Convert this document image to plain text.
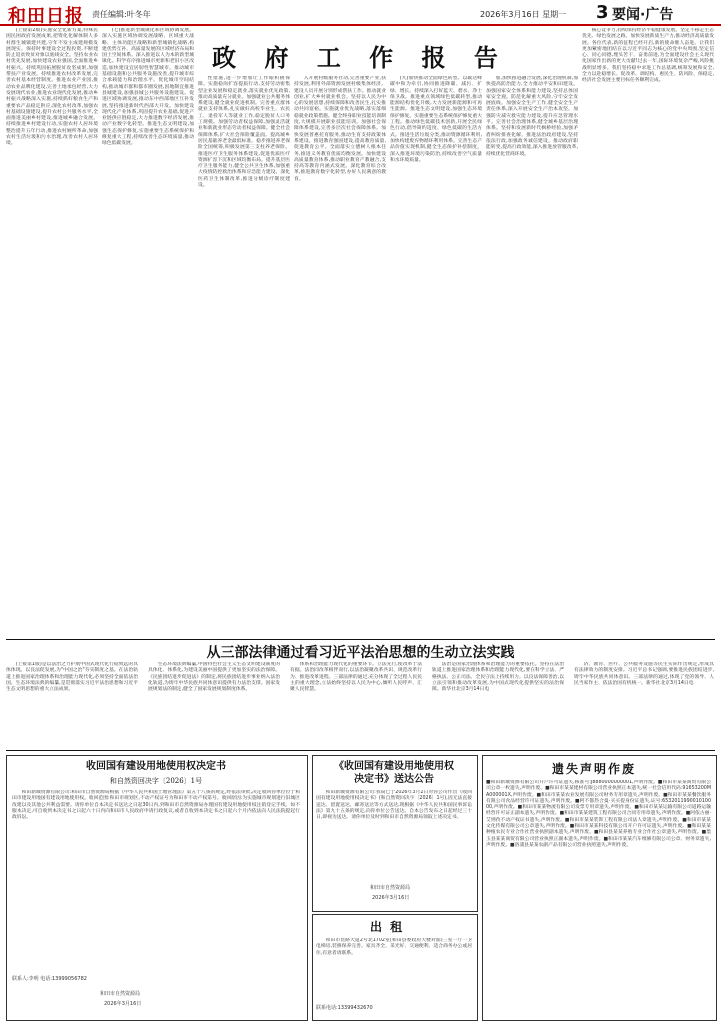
和田日报 责任编辑:叶冬年	2026年3月16日 星期一 3 要闻·广告
政 府 工 作 报 告

(上接第2版)实施安全化新方案,特殊民困民困政府发展成果,把资化化解体制人多村群生城镇建共建,守年不发主成建规模发展现实。保持时事建设全过程投资,不断建防止返贫致贫对象以底线安全。坚持农业农村优先发展,加快建设农业强国,全面推进乡村振兴。持续巩固拓展脱贫攻坚成果,加强帮扶产业发展。持续推进农村改革发展,完善农村基本经营制度。推进农业产业园,推动农业品牌化建设,完善土地承包经营,大力发展现代农业,推进农业现代化发展,推动乡村振兴战略深入实施,持续抓好粮食生产和重要农产品稳定供应,深化农村改革,加强农村基础设施建设,提升农村公共服务水平,全面推进美丽乡村建设,推进城乡融合发展。持续推进乡村建设行动,实施农村人居环境整治提升五年行动,推进农村厕所革命,加强农村生活垃圾和污水治理,改善农村人居环境。

(七)推进新型城镇化和区域协调发展。深入实施区域协调发展战略、区域重大战略、主体功能区战略和新型城镇化战略,构建优势互补、高质量发展的区域经济布局和国土空间体系。深入推进以人为本的新型城镇化。科学有序推进城市更新和老旧小区改造,加快建设宜居韧性智慧城市。推动城市基础设施和公共服务设施改善,提升城市综合承载能力和治理水平。优化城市空间结构,推动城市群和都市圈发展,因地制宜推进县城建设,加强县城公共服务设施建设。促进区域协调发展,推动东中西部地区互补发展,坚持推进新时代西部大开发。加快建设现代化产业体系,巩固提升农业基础,促进产业链供应链稳定,大力推进数字经济发展,推动产业数字化转型。推进生态文明建设,加强生态保护修复,实施重要生态系统保护和修复重大工程,持续改善生态环境质量,推动绿色低碳发展。

性措施,进一步增加让工作眼积极保障。实施稳岗扩容提质行动,支持劳动密集型企业发展和稳定就业,落实就业优先政策,推动高质量充分就业。加强就业公共服务体系建设,健全就业促进机制。完善重点群体就业支持体系,扎实做好高校毕业生、农民工、退役军人等就业工作,稳定脱贫人口务工规模。加强劳动者权益保障,加强灵活就业和新就业形态劳动者权益保障。健全社会保障体系,扩大社会保险覆盖面。提高城乡居民基础养老金最低标准。稳步推进养老保险全国统筹,积极发展第三支柱养老保险。推进医疗卫生服务体系建设,促进优质医疗资源扩容下沉和区域均衡布局。提升基层医疗卫生服务能力,健全公共卫生体系,加强重大疫情防控救治体系和应急能力建设。深化医药卫生体制改革,推进分级诊疗制度建设。

入开展村级服务社动,完善重要产业,扶持发展,利用外部资源发展村级集体经济。建设人员开展分别形成帮扶工作。推动就业创业,扩大乡村就业机会。坚持以人民为中心的发展思想,持续保障和改善民生,扎实推动共同富裕。实施就业优先战略,落实落细稳就业政策措施。健全终身职业技能培训制度,大规模开展职业技能培训。加强社会保障体系建设,完善多层次社会保障体系。加快发展普惠托育服务,推动生育支持政策体系建设。推进教育强国建设,提高教育质量,促进教育公平。全面落实立德树人根本任务,推进义务教育优质均衡发展。加快建设高质量教育体系,推动职业教育产教融合,支持高等教育内涵式发展。深化教育综合改革,推进教育数字化转型,办好人民满意的教育。

(九)加快推动全面绿色转型。以碳达峰碳中和为牵引,协同推进降碳、减污、扩绿、增长。持续深入打好蓝天、碧水、净土保卫战。推进重点领域绿色低碳转型,推动能源结构优化升级,大力发展新能源和可再生能源。推进生态文明建设,加强生态环境保护修复。实施重要生态系统保护修复重大工程。推动绿色低碳技术创新,开展全民绿色行动,倡导简约适度、绿色低碳的生活方式。推进生活垃圾分类,推动资源循环利用,加快构建废弃物循环利用体系。完善生态产品价值实现机制,健全生态保护补偿制度。深入推进环境污染防治,持续改善空气质量和水环境质量。

加,加快推进融合发展,深化治理机制,加快提高防治能力,全力推动平安和田建设。加强国家安全体系和能力建设,坚持总体国家安全观。防范化解重大风险,守牢安全发展底线。加强安全生产工作,健全安全生产责任体系,深入开展安全生产治本攻坚。加强防灾减灾救灾能力建设,提升应急管理水平。完善社会治理体系,健全城乡基层治理体系。坚持和发展新时代枫桥经验,加强矛盾纠纷排查化解。推进法治政府建设,坚持依法行政,加强政务诚信建设。推动政府职能转变,提高行政效能,深入推进放管服改革,持续优化营商环境。

核心竞争力,持续保持经济平稳健康发展。坚定不移走生态优先、绿色发展之路。加快发展新质生产力,推动经济高质量发展。各位代表,新的征程已经开启,新的使命催人奋进。让我们更加紧密地团结在以习近平同志为核心的党中央周围,坚定信心、同心同德,埋头苦干、奋勇前进,为全面建设社会主义现代化国家作出新的更大贡献!过去一年,国际环境复杂严峻,风险挑战明显增多。我们坚持稳中求进工作总基调,统筹发展和安全,全力以赴稳增长、促改革、调结构、惠民生、防风险、保稳定,经济社会发展主要目标任务顺利完成。

从三部法律通过看习近平法治思想的生动立法实践

(上接第1版)是以法治之力护航中国式现代化行稳致远的具体体现。以良法促发展,为"中国之治"夯实制度之基。在法治轨道上推进国家治理体系和治理能力现代化,必须坚持全面依法治国。生态环境法典的编纂,是贯彻落实习近平法治思想和习近平生态文明思想的重大立法成果。

生态环境法典编纂,中国特色社会主义生态文明建设制度的具体化、体系化,为建设美丽中国提供了更加坚实的法治保障。《民族团结进步促进法》的制定,将民族团结进步事业纳入法治化轨道,为铸牢中华民族共同体意识提供有力法治支撑。国家发展规划法的制定,健全了国家发展规划制度体系。

体系和治理能力现代化的重要环节。立法先行,使改革于法有据。法治同改革相伴而行,以法治凝聚改革共识、规范改革行为、推进改革进程。三部法律的通过,充分体现了全过程人民民主的重大理念,立法始终坚持以人民为中心,倾听人民呼声、汇聚人民智慧。

法治是国家治理体系和治理能力的重要依托。坚持在法治轨道上推进国家治理体系和治理能力现代化,要在科学立法、严格执法、公正司法、全民守法上持续用力。以良法保障善治,以立法引领和推动改革发展,为中国式现代化提供坚实的法治保障。新华社北京3月14日电

济、教育、医疗、公共服务设施等民生实际作出规定,形成具有法律效力的制度安排。习近平总书记强调,要推进民族团结进步,铸牢中华民族共同体意识。三部法律的通过,体现了党的领导、人民当家作主、依法治国有机统一。新华社北京3月14日电

收回国有建设用地使用权决定书
和自然资回决字〔2026〕1号

和田新城资源有限公司:和田市自然资源局根据《中华人民共和国土地管理法》第五十八条的规定,经依法审批,决定收回你单位位于和田市建设用地国有建设用地使用权。收回范围:和田市规划区,不动产权证号为和田市不动产权第号。收回原因:为实施城市规划进行旧城区改建以及其他公共利益需要。请你单位自本决定书送达之日起30日内,到和田市自然资源局办理国有建设用地使用权注销登记手续。如不服本决定,可自收到本决定书之日起六十日内向和田市人民政府申请行政复议,或者自收到本决定书之日起六个月内依法向人民法院提起行政诉讼。

联系人:李明 电话:13999056782
和田市自然资源局
2026年3月16日
《收回国有建设用地使用权
决定书》送达公告

和田新城资源有限公司:我局已于2026年3月2日对你公司作出《收回国有建设用地使用权决定书》(和自然资回决字〔2026〕1号),因无法直接送达、留置送达、邮寄送达等方式送达,现根据《中华人民共和国民事诉讼法》第九十五条的规定,向你单位公告送达。自本公告发布之日起经过三十日,即视为送达。请你单位及时到和田市自然资源局领取上述决定书。

和田市自然资源局
2026年3月16日
出 租

和田市昆路大道2号北1702室(和田县委政府大楼对面)三室一厅一卫电梯房,装修保养完善。家具齐全、采光好、交通便利、适合商务办公或居住,有意者请联系。

联系电话:13399432670
遗失声明作废

■和田新城资源有限公司开户许可证遗失,核准号:J8880000000001,声明作废。■和田市某某商贸有限公司公章一枚遗失,声明作废。■和田市某某建材有限公司营业执照正本遗失,统一社会信用代码:91653200MA000001X,声明作废。■和田市某某农业发展有限公司财务专用章遗失,声明作废。■和田市某某餐饮服务有限公司食品经营许可证遗失,声明作废。■阿不都热合曼·买买提身份证遗失,证号:653201199001010000,声明作废。■和田市某某物流有限公司发票专用章遗失,声明作废。■和田市某某运输有限公司道路运输经营许可证正副本遗失,声明作废。■和田市某某建筑工程有限公司合同专用章遗失,声明作废。■阿依古丽·艾则孜不动产权证书遗失,声明作废。■和田市某某装饰工程有限公司法人章遗失,声明作废。■和田市某某文化传媒有限公司公章遗失,声明作废。■和田市某某科技有限公司开户许可证遗失,声明作废。■和田某某种植农民专业合作社营业执照副本遗失,声明作废。■和田县某某养殖专业合作社公章遗失,声明作废。■墨玉县某某商贸有限公司营业执照正副本遗失,声明作废。■和田市某某汽车维修有限公司公章、财务章遗失,声明作废。■洛浦县某某农副产品有限公司营业执照遗失,声明作废。
